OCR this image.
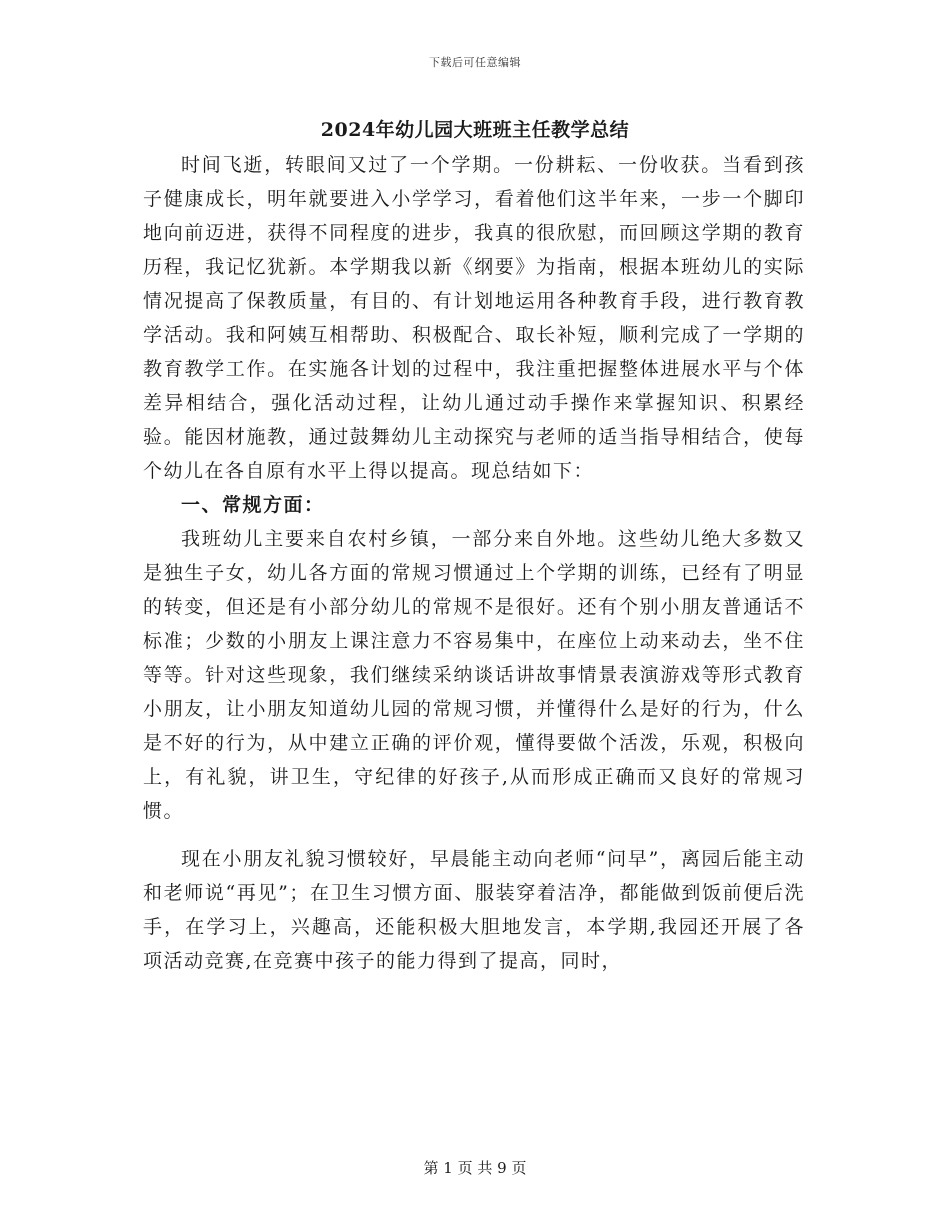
下载后可任意编辑
2024年幼儿园大班班主任教学总结

时间飞逝，转眼间又过了一个学期。一份耕耘、一份收获。当看到孩子健康成长，明年就要进入小学学习，看着他们这半年来，一步一个脚印地向前迈进，获得不同程度的进步，我真的很欣慰，而回顾这学期的教育历程，我记忆犹新。本学期我以新《纲要》为指南，根据本班幼儿的实际情况提高了保教质量，有目的、有计划地运用各种教育手段，进行教育教学活动。我和阿姨互相帮助、积极配合、取长补短，顺利完成了一学期的教育教学工作。在实施各计划的过程中，我注重把握整体进展水平与个体差异相结合，强化活动过程，让幼儿通过动手操作来掌握知识、积累经验。能因材施教，通过鼓舞幼儿主动探究与老师的适当指导相结合，使每个幼儿在各自原有水平上得以提高。现总结如下：

一、常规方面：

我班幼儿主要来自农村乡镇，一部分来自外地。这些幼儿绝大多数又是独生子女，幼儿各方面的常规习惯通过上个学期的训练，已经有了明显的转变，但还是有小部分幼儿的常规不是很好。还有个别小朋友普通话不标准；少数的小朋友上课注意力不容易集中，在座位上动来动去，坐不住等等。针对这些现象，我们继续采纳谈话讲故事情景表演游戏等形式教育小朋友，让小朋友知道幼儿园的常规习惯，并懂得什么是好的行为，什么是不好的行为，从中建立正确的评价观，懂得要做个活泼，乐观，积极向上，有礼貌，讲卫生，守纪律的好孩子,从而形成正确而又良好的常规习惯。

现在小朋友礼貌习惯较好，早晨能主动向老师“问早”，离园后能主动和老师说“再见”；在卫生习惯方面、服装穿着洁净，都能做到饭前便后洗手，在学习上，兴趣高，还能积极大胆地发言，本学期,我园还开展了各项活动竞赛,在竞赛中孩子的能力得到了提高，同时，

第 1 页 共 9 页
